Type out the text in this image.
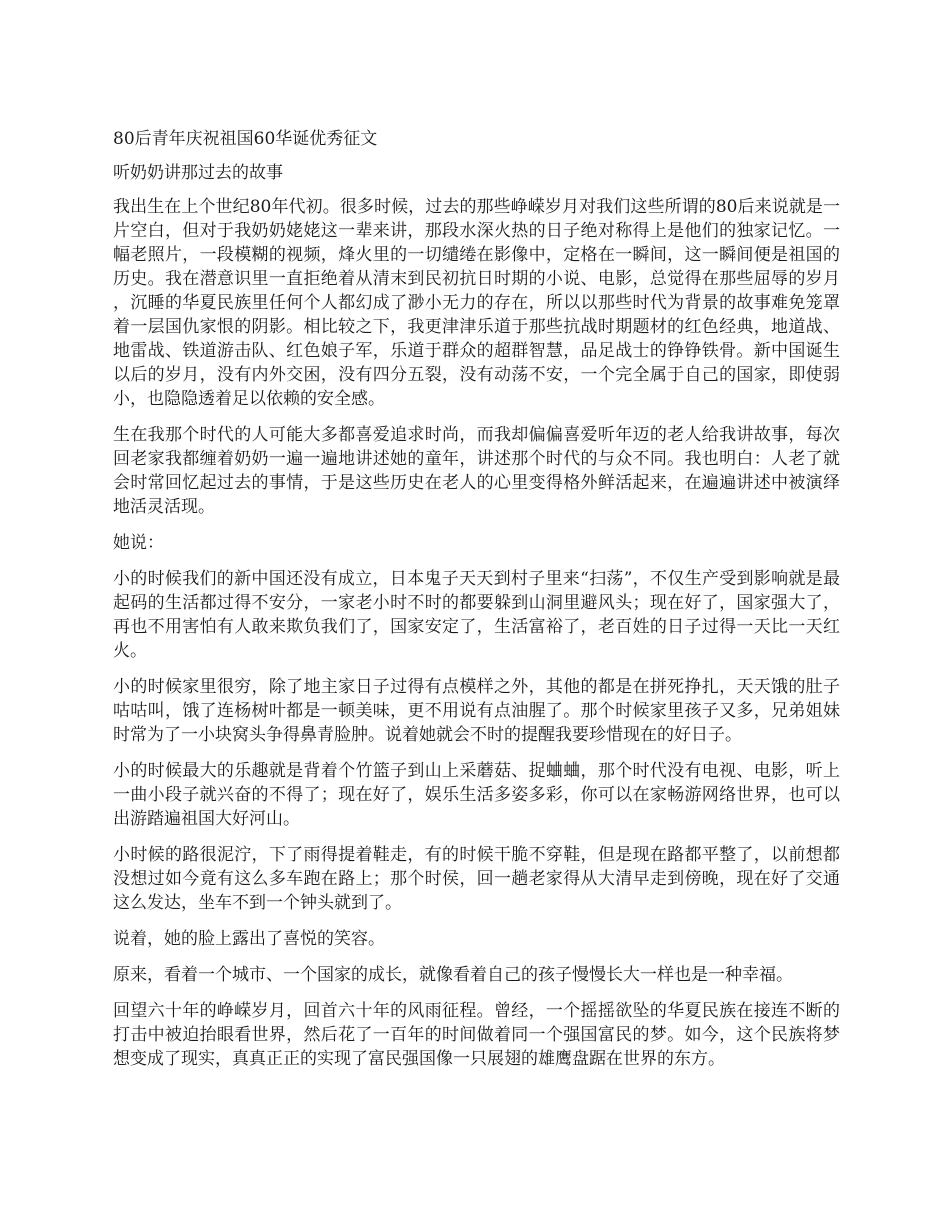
80后青年庆祝祖国60华诞优秀征文
听奶奶讲那过去的故事

我出生在上个世纪80年代初。很多时候，过去的那些峥嵘岁月对我们这些所谓的80后来说就是一片空白，但对于我奶奶姥姥这一辈来讲，那段水深火热的日子绝对称得上是他们的独家记忆。一幅老照片，一段模糊的视频，烽火里的一切缱绻在影像中，定格在一瞬间，这一瞬间便是祖国的历史。我在潜意识里一直拒绝着从清末到民初抗日时期的小说、电影，总觉得在那些屈辱的岁月，沉睡的华夏民族里任何个人都幻成了渺小无力的存在，所以以那些时代为背景的故事难免笼罩着一层国仇家恨的阴影。相比较之下，我更津津乐道于那些抗战时期题材的红色经典，地道战、地雷战、铁道游击队、红色娘子军，乐道于群众的超群智慧，品足战士的铮铮铁骨。新中国诞生以后的岁月，没有内外交困，没有四分五裂，没有动荡不安，一个完全属于自己的国家，即使弱小，也隐隐透着足以依赖的安全感。

生在我那个时代的人可能大多都喜爱追求时尚，而我却偏偏喜爱听年迈的老人给我讲故事，每次回老家我都缠着奶奶一遍一遍地讲述她的童年，讲述那个时代的与众不同。我也明白：人老了就会时常回忆起过去的事情，于是这些历史在老人的心里变得格外鲜活起来，在遍遍讲述中被演绎地活灵活现。

她说：

小的时候我们的新中国还没有成立，日本鬼子天天到村子里来“扫荡”，不仅生产受到影响就是最起码的生活都过得不安分，一家老小时不时的都要躲到山洞里避风头；现在好了，国家强大了，再也不用害怕有人敢来欺负我们了，国家安定了，生活富裕了，老百姓的日子过得一天比一天红火。

小的时候家里很穷，除了地主家日子过得有点模样之外，其他的都是在拼死挣扎，天天饿的肚子咕咕叫，饿了连杨树叶都是一顿美味，更不用说有点油腥了。那个时候家里孩子又多，兄弟姐妹时常为了一小块窝头争得鼻青脸肿。说着她就会不时的提醒我要珍惜现在的好日子。

小的时候最大的乐趣就是背着个竹篮子到山上采蘑菇、捉蛐蛐，那个时代没有电视、电影，听上一曲小段子就兴奋的不得了；现在好了，娱乐生活多姿多彩，你可以在家畅游网络世界，也可以出游踏遍祖国大好河山。

小时候的路很泥泞，下了雨得提着鞋走，有的时候干脆不穿鞋，但是现在路都平整了，以前想都没想过如今竟有这么多车跑在路上；那个时侯，回一趟老家得从大清早走到傍晚，现在好了交通这么发达，坐车不到一个钟头就到了。

说着，她的脸上露出了喜悦的笑容。

原来，看着一个城市、一个国家的成长，就像看着自己的孩子慢慢长大一样也是一种幸福。

回望六十年的峥嵘岁月，回首六十年的风雨征程。曾经，一个摇摇欲坠的华夏民族在接连不断的打击中被迫抬眼看世界，然后花了一百年的时间做着同一个强国富民的梦。如今，这个民族将梦想变成了现实，真真正正的实现了富民强国像一只展翅的雄鹰盘踞在世界的东方。
